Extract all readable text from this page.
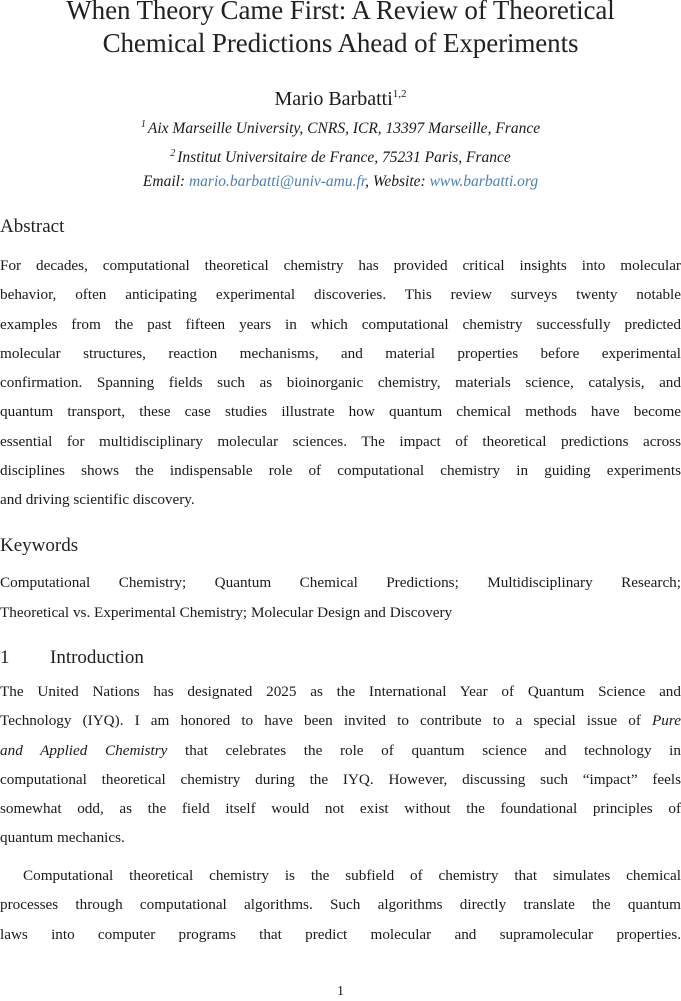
When Theory Came First: A Review of Theoretical
Chemical Predictions Ahead of Experiments
Mario Barbatti$^{1,2}$
$^1$ Aix Marseille University, CNRS, ICR, 13397 Marseille, France
$^2$ Institut Universitaire de France, 75231 Paris, France
Email: mario.barbatti@univ-amu.fr, Website: www.barbatti.org
Abstract
For decades, computational theoretical chemistry has provided critical insights into molecular
behavior, often anticipating experimental discoveries. This review surveys twenty notable
examples from the past fifteen years in which computational chemistry successfully predicted
molecular structures, reaction mechanisms, and material properties before experimental
confirmation. Spanning fields such as bioinorganic chemistry, materials science, catalysis, and
quantum transport, these case studies illustrate how quantum chemical methods have become
essential for multidisciplinary molecular sciences. The impact of theoretical predictions across
disciplines shows the indispensable role of computational chemistry in guiding experiments
and driving scientific discovery.
Keywords
Computational Chemistry; Quantum Chemical Predictions; Multidisciplinary Research;
Theoretical vs. Experimental Chemistry; Molecular Design and Discovery
1 Introduction
The United Nations has designated 2025 as the International Year of Quantum Science and
Technology (IYQ). I am honored to have been invited to contribute to a special issue of Pure
and Applied Chemistry that celebrates the role of quantum science and technology in
computational theoretical chemistry during the IYQ. However, discussing such “impact” feels
somewhat odd, as the field itself would not exist without the foundational principles of
quantum mechanics.
Computational theoretical chemistry is the subfield of chemistry that simulates chemical
processes through computational algorithms. Such algorithms directly translate the quantum
laws into computer programs that predict molecular and supramolecular properties.
1
